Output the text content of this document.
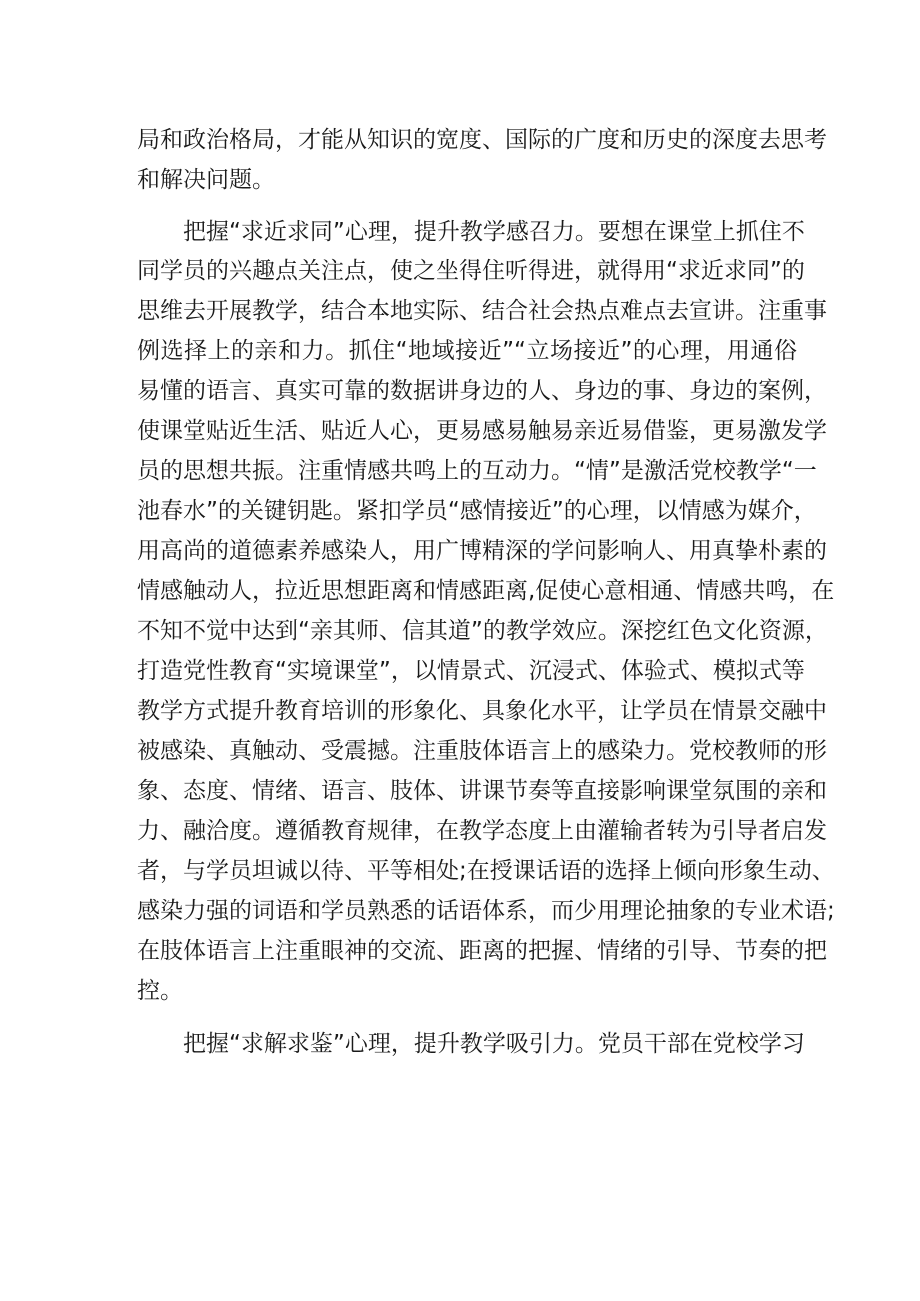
局和政治格局，才能从知识的宽度、国际的广度和历史的深度去思考
和解决问题。
把握“求近求同”心理，提升教学感召力。要想在课堂上抓住不
同学员的兴趣点关注点，使之坐得住听得进，就得用“求近求同”的
思维去开展教学，结合本地实际、结合社会热点难点去宣讲。注重事
例选择上的亲和力。抓住“地域接近”“立场接近”的心理，用通俗
易懂的语言、真实可靠的数据讲身边的人、身边的事、身边的案例，
使课堂贴近生活、贴近人心，更易感易触易亲近易借鉴，更易激发学
员的思想共振。注重情感共鸣上的互动力。“情”是激活党校教学“一
池春水”的关键钥匙。紧扣学员“感情接近”的心理，以情感为媒介，
用高尚的道德素养感染人，用广博精深的学问影响人、用真挚朴素的
情感触动人，拉近思想距离和情感距离,促使心意相通、情感共鸣，在
不知不觉中达到“亲其师、信其道”的教学效应。深挖红色文化资源，
打造党性教育“实境课堂”，以情景式、沉浸式、体验式、模拟式等
教学方式提升教育培训的形象化、具象化水平，让学员在情景交融中
被感染、真触动、受震撼。注重肢体语言上的感染力。党校教师的形
象、态度、情绪、语言、肢体、讲课节奏等直接影响课堂氛围的亲和
力、融洽度。遵循教育规律，在教学态度上由灌输者转为引导者启发
者，与学员坦诚以待、平等相处;在授课话语的选择上倾向形象生动、
感染力强的词语和学员熟悉的话语体系，而少用理论抽象的专业术语;
在肢体语言上注重眼神的交流、距离的把握、情绪的引导、节奏的把
控。
把握“求解求鉴”心理，提升教学吸引力。党员干部在党校学习
